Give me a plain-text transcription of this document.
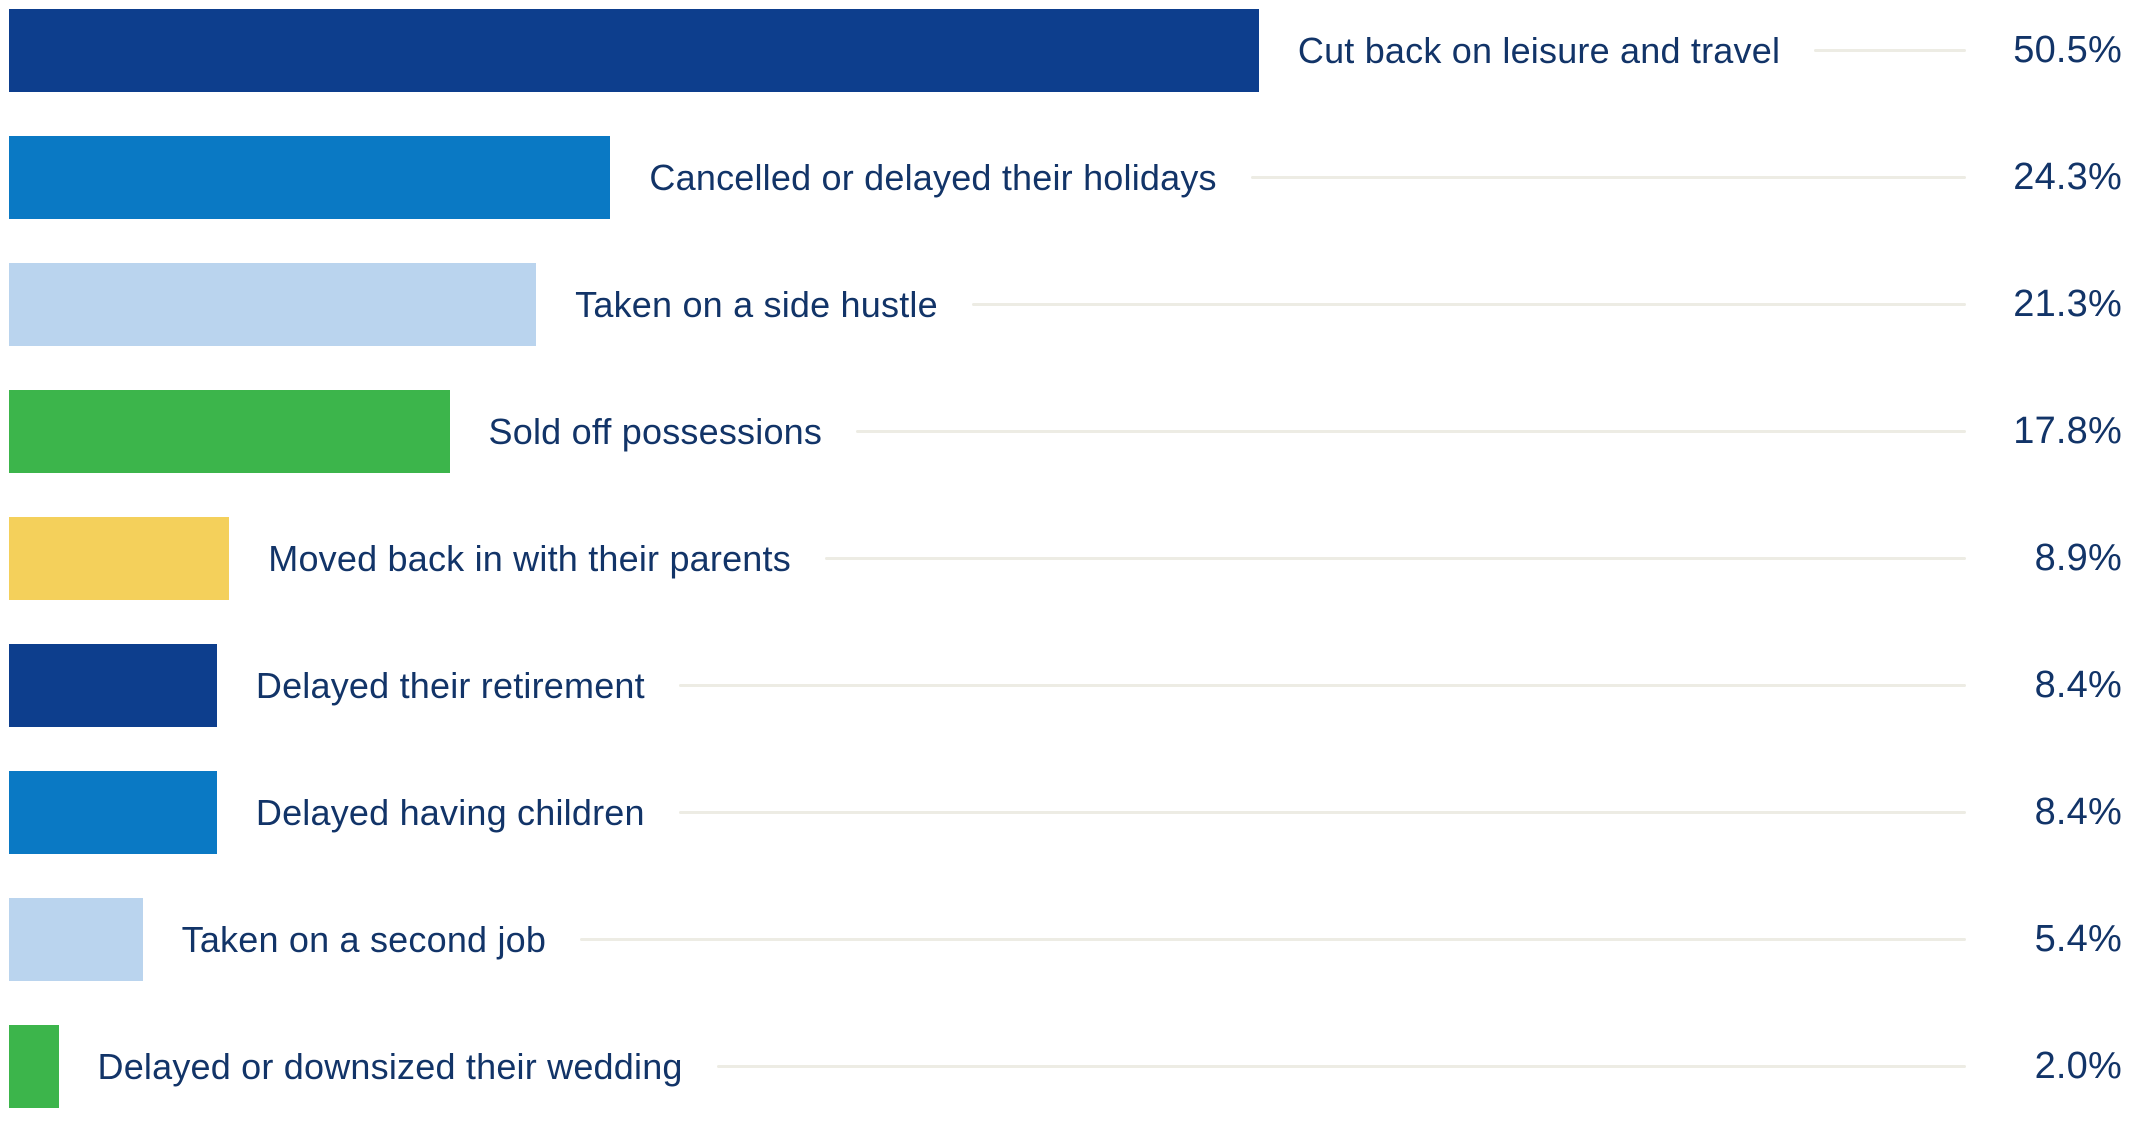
Cut back on leisure and travel	50.5%
Cancelled or delayed their holidays	24.3%
Taken on a side hustle	21.3%
Sold off possessions	17.8%
Moved back in with their parents	8.9%
Delayed their retirement	8.4%
Delayed having children	8.4%
Taken on a second job	5.4%
Delayed or downsized their wedding	2.0%
